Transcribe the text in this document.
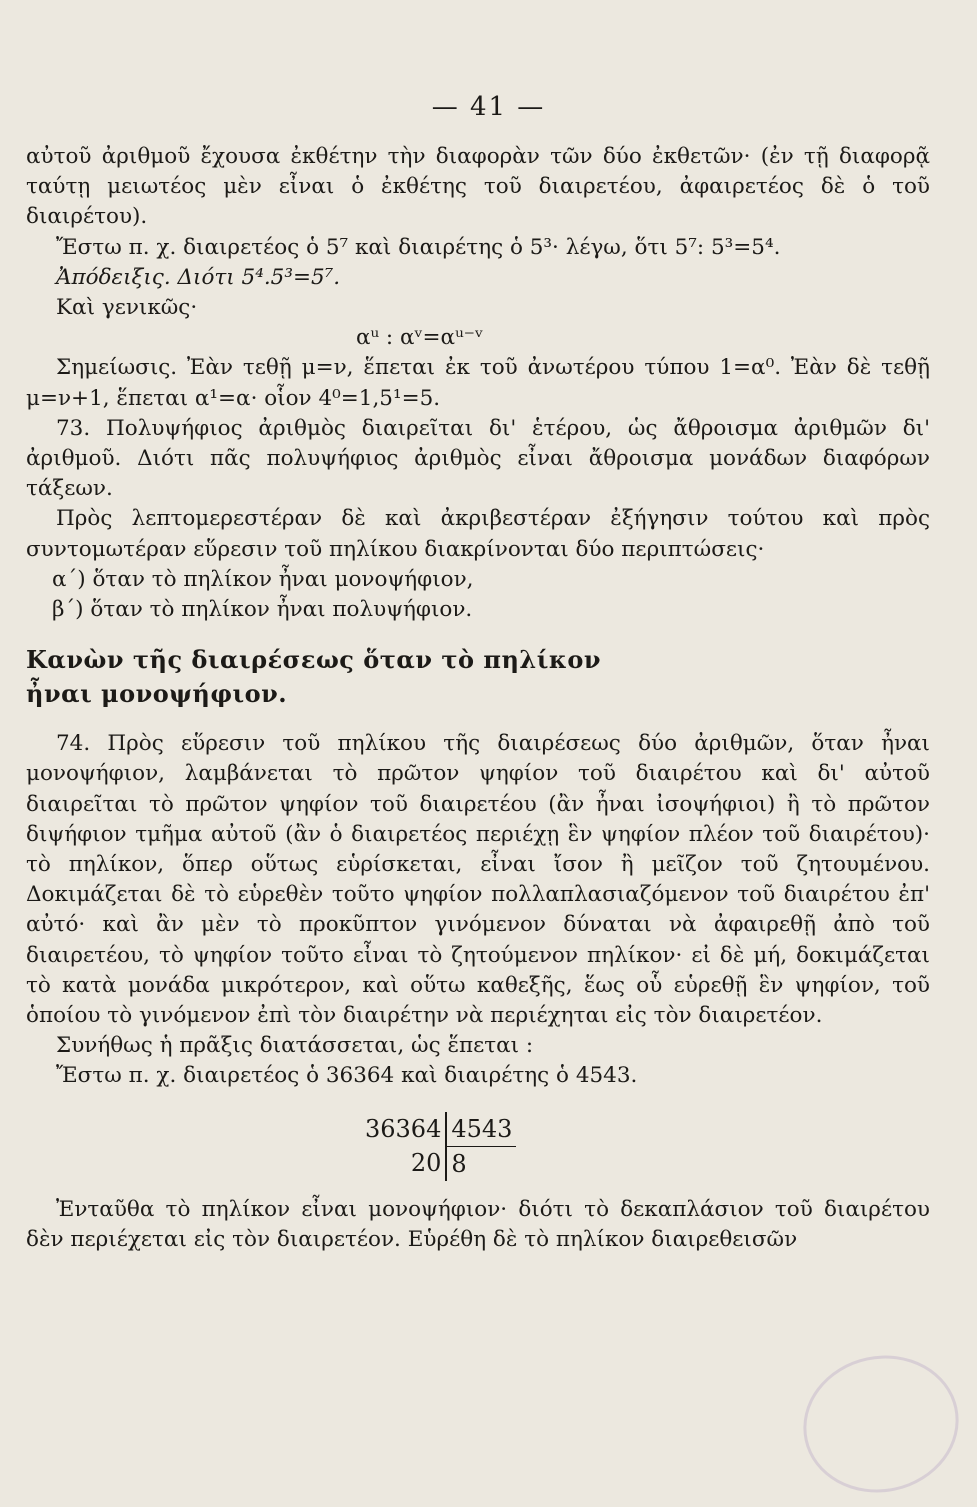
— 41 —

αὐτοῦ ἀριθμοῦ ἔχουσα ἐκθέτην τὴν διαφορὰν τῶν δύο ἐκθετῶν· (ἐν τῇ διαφορᾷ ταύτῃ μειωτέος μὲν εἶναι ὁ ἐκθέτης τοῦ διαιρετέου, ἀφαιρετέος δὲ ὁ τοῦ διαιρέτου).

Ἔστω π. χ. διαιρετέος ὁ 5⁷ καὶ διαιρέτης ὁ 5³· λέγω, ὅτι 5⁷: 5³=5⁴.

Ἀπόδειξις. Διότι 5⁴.5³=5⁷.

Καὶ γενικῶς·

αᵘ : αᵛ=αᵘ⁻ᵛ

Σημείωσις. Ἐὰν τεθῇ μ=ν, ἕπεται ἐκ τοῦ ἀνωτέρου τύπου 1=α⁰. Ἐὰν δὲ τεθῇ μ=ν+1, ἕπεται α¹=α· οἷον 4⁰=1,5¹=5.

73. Πολυψήφιος ἀριθμὸς διαιρεῖται δι' ἑτέρου, ὡς ἄθροισμα ἀριθμῶν δι' ἀριθμοῦ. Διότι πᾶς πολυψήφιος ἀριθμὸς εἶναι ἄθροισμα μονάδων διαφόρων τάξεων.

Πρὸς λεπτομερεστέραν δὲ καὶ ἀκριβεστέραν ἐξήγησιν τούτου καὶ πρὸς συντομωτέραν εὕρεσιν τοῦ πηλίκου διακρίνονται δύο περιπτώσεις·

α΄) ὅταν τὸ πηλίκον ἦναι μονοψήφιον,

β΄) ὅταν τὸ πηλίκον ἦναι πολυψήφιον.

Κανὼν τῆς διαιρέσεως ὅταν τὸ πηλίκον
ἦναι μονοψήφιον.

74. Πρὸς εὕρεσιν τοῦ πηλίκου τῆς διαιρέσεως δύο ἀριθμῶν, ὅταν ἦναι μονοψήφιον, λαμβάνεται τὸ πρῶτον ψηφίον τοῦ διαιρέτου καὶ δι' αὐτοῦ διαιρεῖται τὸ πρῶτον ψηφίον τοῦ διαιρετέου (ἂν ἦναι ἰσοψήφιοι) ἢ τὸ πρῶτον διψήφιον τμῆμα αὐτοῦ (ἂν ὁ διαιρετέος περιέχῃ ἓν ψηφίον πλέον τοῦ διαιρέτου)· τὸ πηλίκον, ὅπερ οὕτως εὑρίσκεται, εἶναι ἴσον ἢ μεῖζον τοῦ ζητουμένου. Δοκιμάζεται δὲ τὸ εὑρεθὲν τοῦτο ψηφίον πολλαπλασιαζόμενον τοῦ διαιρέτου ἐπ' αὐτό· καὶ ἂν μὲν τὸ προκῦπτον γινόμενον δύναται νὰ ἀφαιρεθῇ ἀπὸ τοῦ διαιρετέου, τὸ ψηφίον τοῦτο εἶναι τὸ ζητούμενον πηλίκον· εἰ δὲ μή, δοκιμάζεται τὸ κατὰ μονάδα μικρότερον, καὶ οὕτω καθεξῆς, ἕως οὗ εὑρεθῇ ἓν ψηφίον, τοῦ ὁποίου τὸ γινόμενον ἐπὶ τὸν διαιρέτην νὰ περιέχηται εἰς τὸν διαιρετέον.

Συνήθως ἡ πρᾶξις διατάσσεται, ὡς ἕπεται :

Ἔστω π. χ. διαιρετέος ὁ 36364 καὶ διαιρέτης ὁ 4543.

36364	4543
20	8

Ἐνταῦθα τὸ πηλίκον εἶναι μονοψήφιον· διότι τὸ δεκαπλάσιον τοῦ διαιρέτου δὲν περιέχεται εἰς τὸν διαιρετέον. Εὑρέθη δὲ τὸ πηλίκον διαιρεθεισῶν
